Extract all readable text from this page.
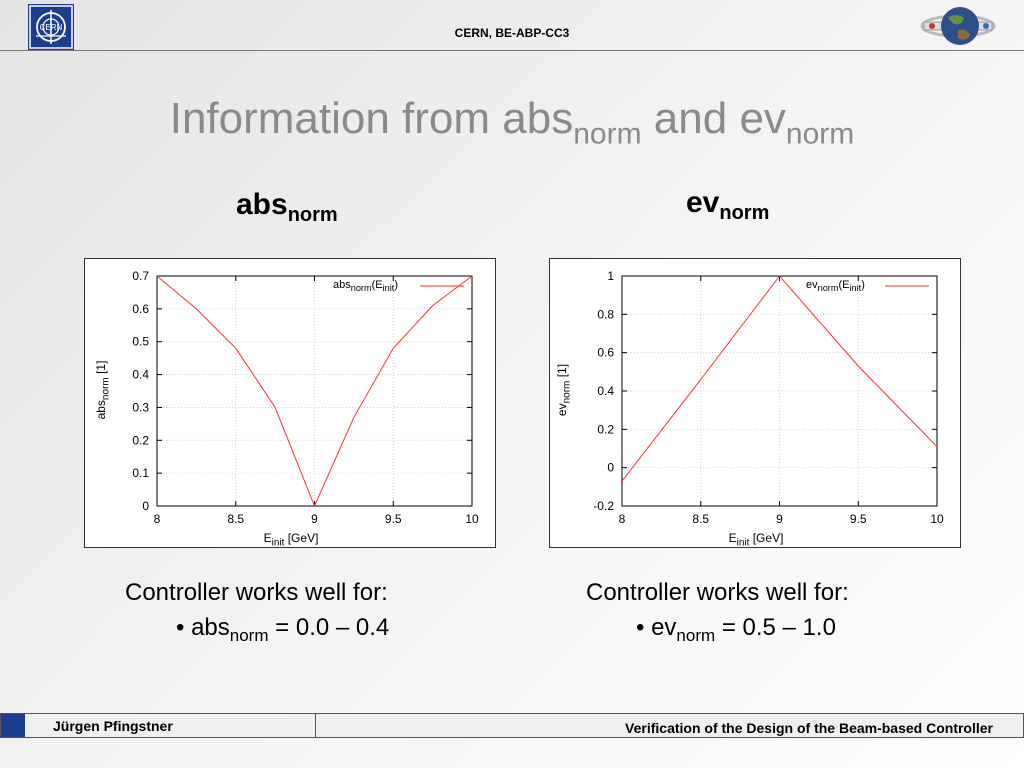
CERN	CERN, BE-ABP-CC3
Information from abs$_{norm}$ and $ev_{norm}$
abs$_{norm}$	$ev_{norm}$
8	8.5	9	9.5	10
0
0.1
0.2
0.3
0.4
0.5
0.6
0.7
$abs_{norm}(E_{init})$
$E_{init}$ [GeV]
abs$_{norm}$ [1]
8	8.5	9	9.5	10
-0.2
0
0.2
0.4
0.6
0.8
1
$ev_{norm}(E_{init})$
$E_{init}$ [GeV]
$ev_{norm}$ [1]
Controller works well for:
• abs$_{norm}$ = 0.0 – 0.4
Controller works well for:
• $ev_{norm} = 0.5 - 1.0$
Jürgen Pfingstner	Verification of the Design of the Beam-based Controller
